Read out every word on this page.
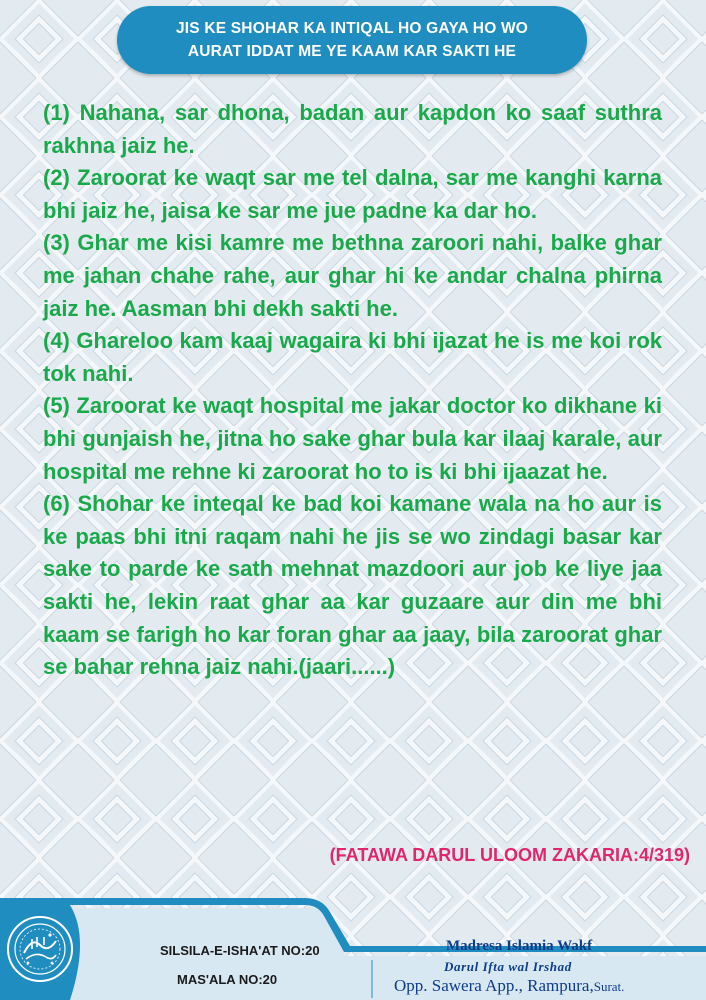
JIS KE SHOHAR KA INTIQAL HO GAYA HO WO
AURAT IDDAT ME YE KAAM KAR SAKTI HE

(1) Nahana, sar dhona, badan aur kapdon ko saaf suthra rakhna jaiz he.

(2) Zaroorat ke waqt sar me tel dalna, sar me kanghi karna bhi jaiz he, jaisa ke sar me jue padne ka dar ho.

(3) Ghar me kisi kamre me bethna zaroori nahi, balke ghar me jahan chahe rahe, aur ghar hi ke andar chalna phirna jaiz he. Aasman bhi dekh sakti he.

(4) Ghareloo kam kaaj wagaira ki bhi ijazat he is me koi rok tok nahi.

(5) Zaroorat ke waqt hospital me jakar doctor ko dikhane ki bhi gunjaish he, jitna ho sake ghar bula kar ilaaj karale, aur hospital me rehne ki zaroorat ho to is ki bhi ijaazat he.

(6) Shohar ke inteqal ke bad koi kamane wala na ho aur is ke paas bhi itni raqam nahi he jis se wo zindagi basar kar sake to parde ke sath mehnat mazdoori aur job ke liye jaa sakti he, lekin raat ghar aa kar guzaare aur din me bhi kaam se farigh ho kar foran ghar aa jaay, bila zaroorat ghar se bahar rehna jaiz nahi.(jaari......)

(FATAWA DARUL ULOOM ZAKARIA:4/319)
SILSILA-E-ISHA'AT NO:20
MAS'ALA NO:20
Madresa Islamia Wakf
Darul Ifta wal Irshad
Opp. Sawera App., Rampura,Surat.
